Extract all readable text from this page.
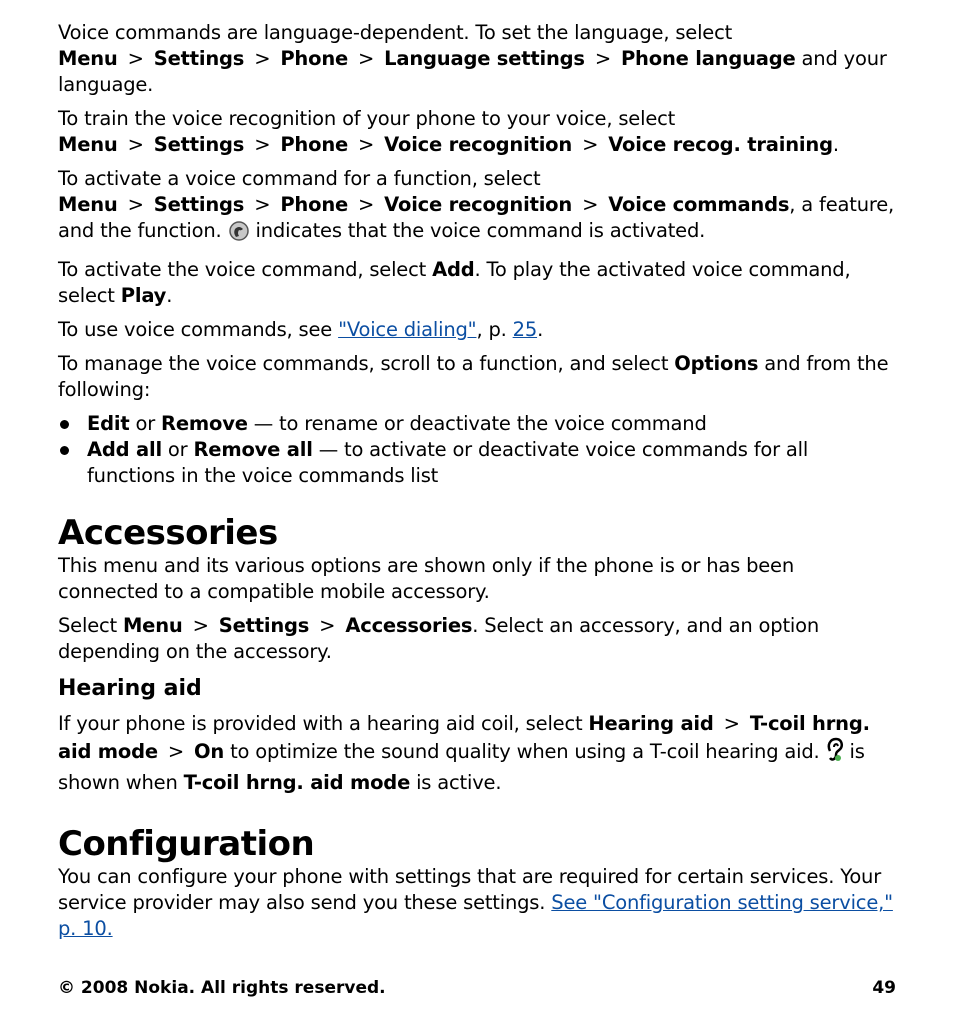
Voice commands are language-dependent. To set the language, select Menu > Settings > Phone > Language settings > Phone language and your language.

To train the voice recognition of your phone to your voice, select Menu > Settings > Phone > Voice recognition > Voice recog. training.

To activate a voice command for a function, select Menu > Settings > Phone > Voice recognition > Voice commands, a feature, and the function.  indicates that the voice command is activated.

To activate the voice command, select Add. To play the activated voice command, select Play.

To use voice commands, see "Voice dialing", p. 25.

To manage the voice commands, scroll to a function, and select Options and from the following:

Edit or Remove — to rename or deactivate the voice command
Add all or Remove all — to activate or deactivate voice commands for all functions in the voice commands list
Accessories

This menu and its various options are shown only if the phone is or has been connected to a compatible mobile accessory.

Select Menu > Settings > Accessories. Select an accessory, and an option depending on the accessory.

Hearing aid

If your phone is provided with a hearing aid coil, select Hearing aid > T-coil hrng. aid mode > On to optimize the sound quality when using a T-coil hearing aid.  is shown when T-coil hrng. aid mode is active.

Configuration

You can configure your phone with settings that are required for certain services. Your service provider may also send you these settings. See "Configuration setting service," p. 10.

© 2008 Nokia. All rights reserved.	49
